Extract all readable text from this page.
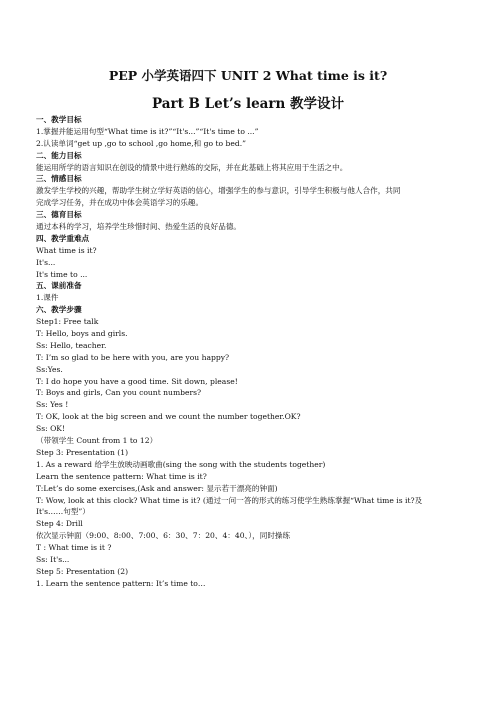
PEP 小学英语四下 UNIT 2 What time is it?
Part B Let’s learn 教学设计
一、教学目标
1.掌握并能运用句型“What time is it?”“It's...”“It's time to ...”
2.认读单词“get up ,go to school ,go home,和 go to bed.”
二、能力目标
能运用所学的语言知识在创设的情景中进行熟练的交际，并在此基础上将其应用于生活之中。
三、情感目标
激发学生学校的兴趣，帮助学生树立学好英语的信心，增强学生的参与意识，引导学生积极与他人合作，共同
完成学习任务，并在成功中体会英语学习的乐趣。
三、德育目标
通过本科的学习，培养学生珍惜时间、热爱生活的良好品德。
四、教学重难点
What time is it?
It's...
It's time to ...
五、课前准备
1.课件
六、教学步骤
Step1: Free talk
T: Hello, boys and girls.
Ss: Hello, teacher.
T: I’m so glad to be here with you, are you happy?
Ss:Yes.
T: I do hope you have a good time. Sit down, please!
T: Boys and girls, Can you count numbers?
Ss: Yes !
T: OK, look at the big screen and we count the number together.OK?
Ss: OK!
（带领学生 Count from 1 to 12）
Step 3: Presentation (1)
1. As a reward 给学生放映动画歌曲(sing the song with the students together)
Learn the sentence pattern: What time is it?
T:Let’s do some exercises,(Ask and answer: 显示若干漂亮的钟面)
T: Wow, look at this clock? What time is it? (通过一问一答的形式的练习使学生熟练掌握“What time is it?及
It's……句型”）
Step 4: Drill
依次显示钟面（9:00、8:00、7:00、6：30、7：20、4：40、），同时操练
T : What time is it ?
Ss: It's...
Step 5: Presentation (2)
1. Learn the sentence pattern: It’s time to…
